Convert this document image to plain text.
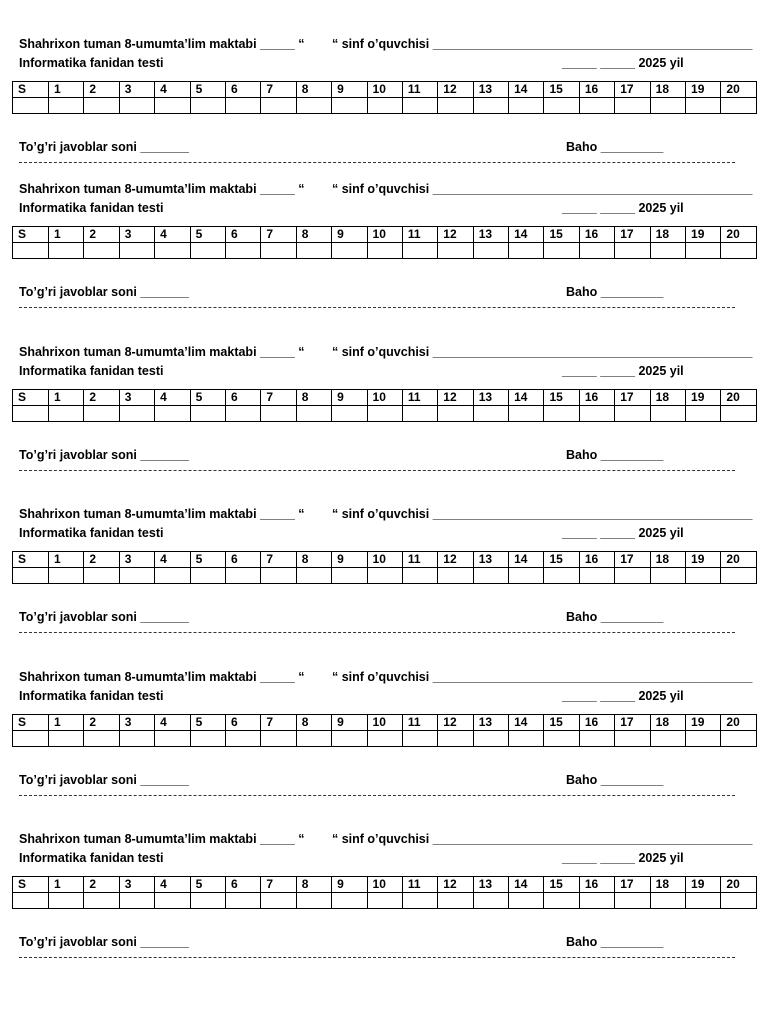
Shahrixon tuman 8-umumta’lim maktabi _____ “ “ sinf o’quvchisi ______________________________________________
Informatika fanidan testi	_____ _____ 2025 yil
S	1	2	3	4	5	6	7	8	9	10	11	12	13	14	15	16	17	18	19	20

To’g’ri javoblar soni _______	Baho _________
Shahrixon tuman 8-umumta’lim maktabi _____ “ “ sinf o’quvchisi ______________________________________________
Informatika fanidan testi	_____ _____ 2025 yil
S	1	2	3	4	5	6	7	8	9	10	11	12	13	14	15	16	17	18	19	20

To’g’ri javoblar soni _______	Baho _________
Shahrixon tuman 8-umumta’lim maktabi _____ “ “ sinf o’quvchisi ______________________________________________
Informatika fanidan testi	_____ _____ 2025 yil
S	1	2	3	4	5	6	7	8	9	10	11	12	13	14	15	16	17	18	19	20

To’g’ri javoblar soni _______	Baho _________
Shahrixon tuman 8-umumta’lim maktabi _____ “ “ sinf o’quvchisi ______________________________________________
Informatika fanidan testi	_____ _____ 2025 yil
S	1	2	3	4	5	6	7	8	9	10	11	12	13	14	15	16	17	18	19	20

To’g’ri javoblar soni _______	Baho _________
Shahrixon tuman 8-umumta’lim maktabi _____ “ “ sinf o’quvchisi ______________________________________________
Informatika fanidan testi	_____ _____ 2025 yil
S	1	2	3	4	5	6	7	8	9	10	11	12	13	14	15	16	17	18	19	20

To’g’ri javoblar soni _______	Baho _________
Shahrixon tuman 8-umumta’lim maktabi _____ “ “ sinf o’quvchisi ______________________________________________
Informatika fanidan testi	_____ _____ 2025 yil
S	1	2	3	4	5	6	7	8	9	10	11	12	13	14	15	16	17	18	19	20

To’g’ri javoblar soni _______	Baho _________
